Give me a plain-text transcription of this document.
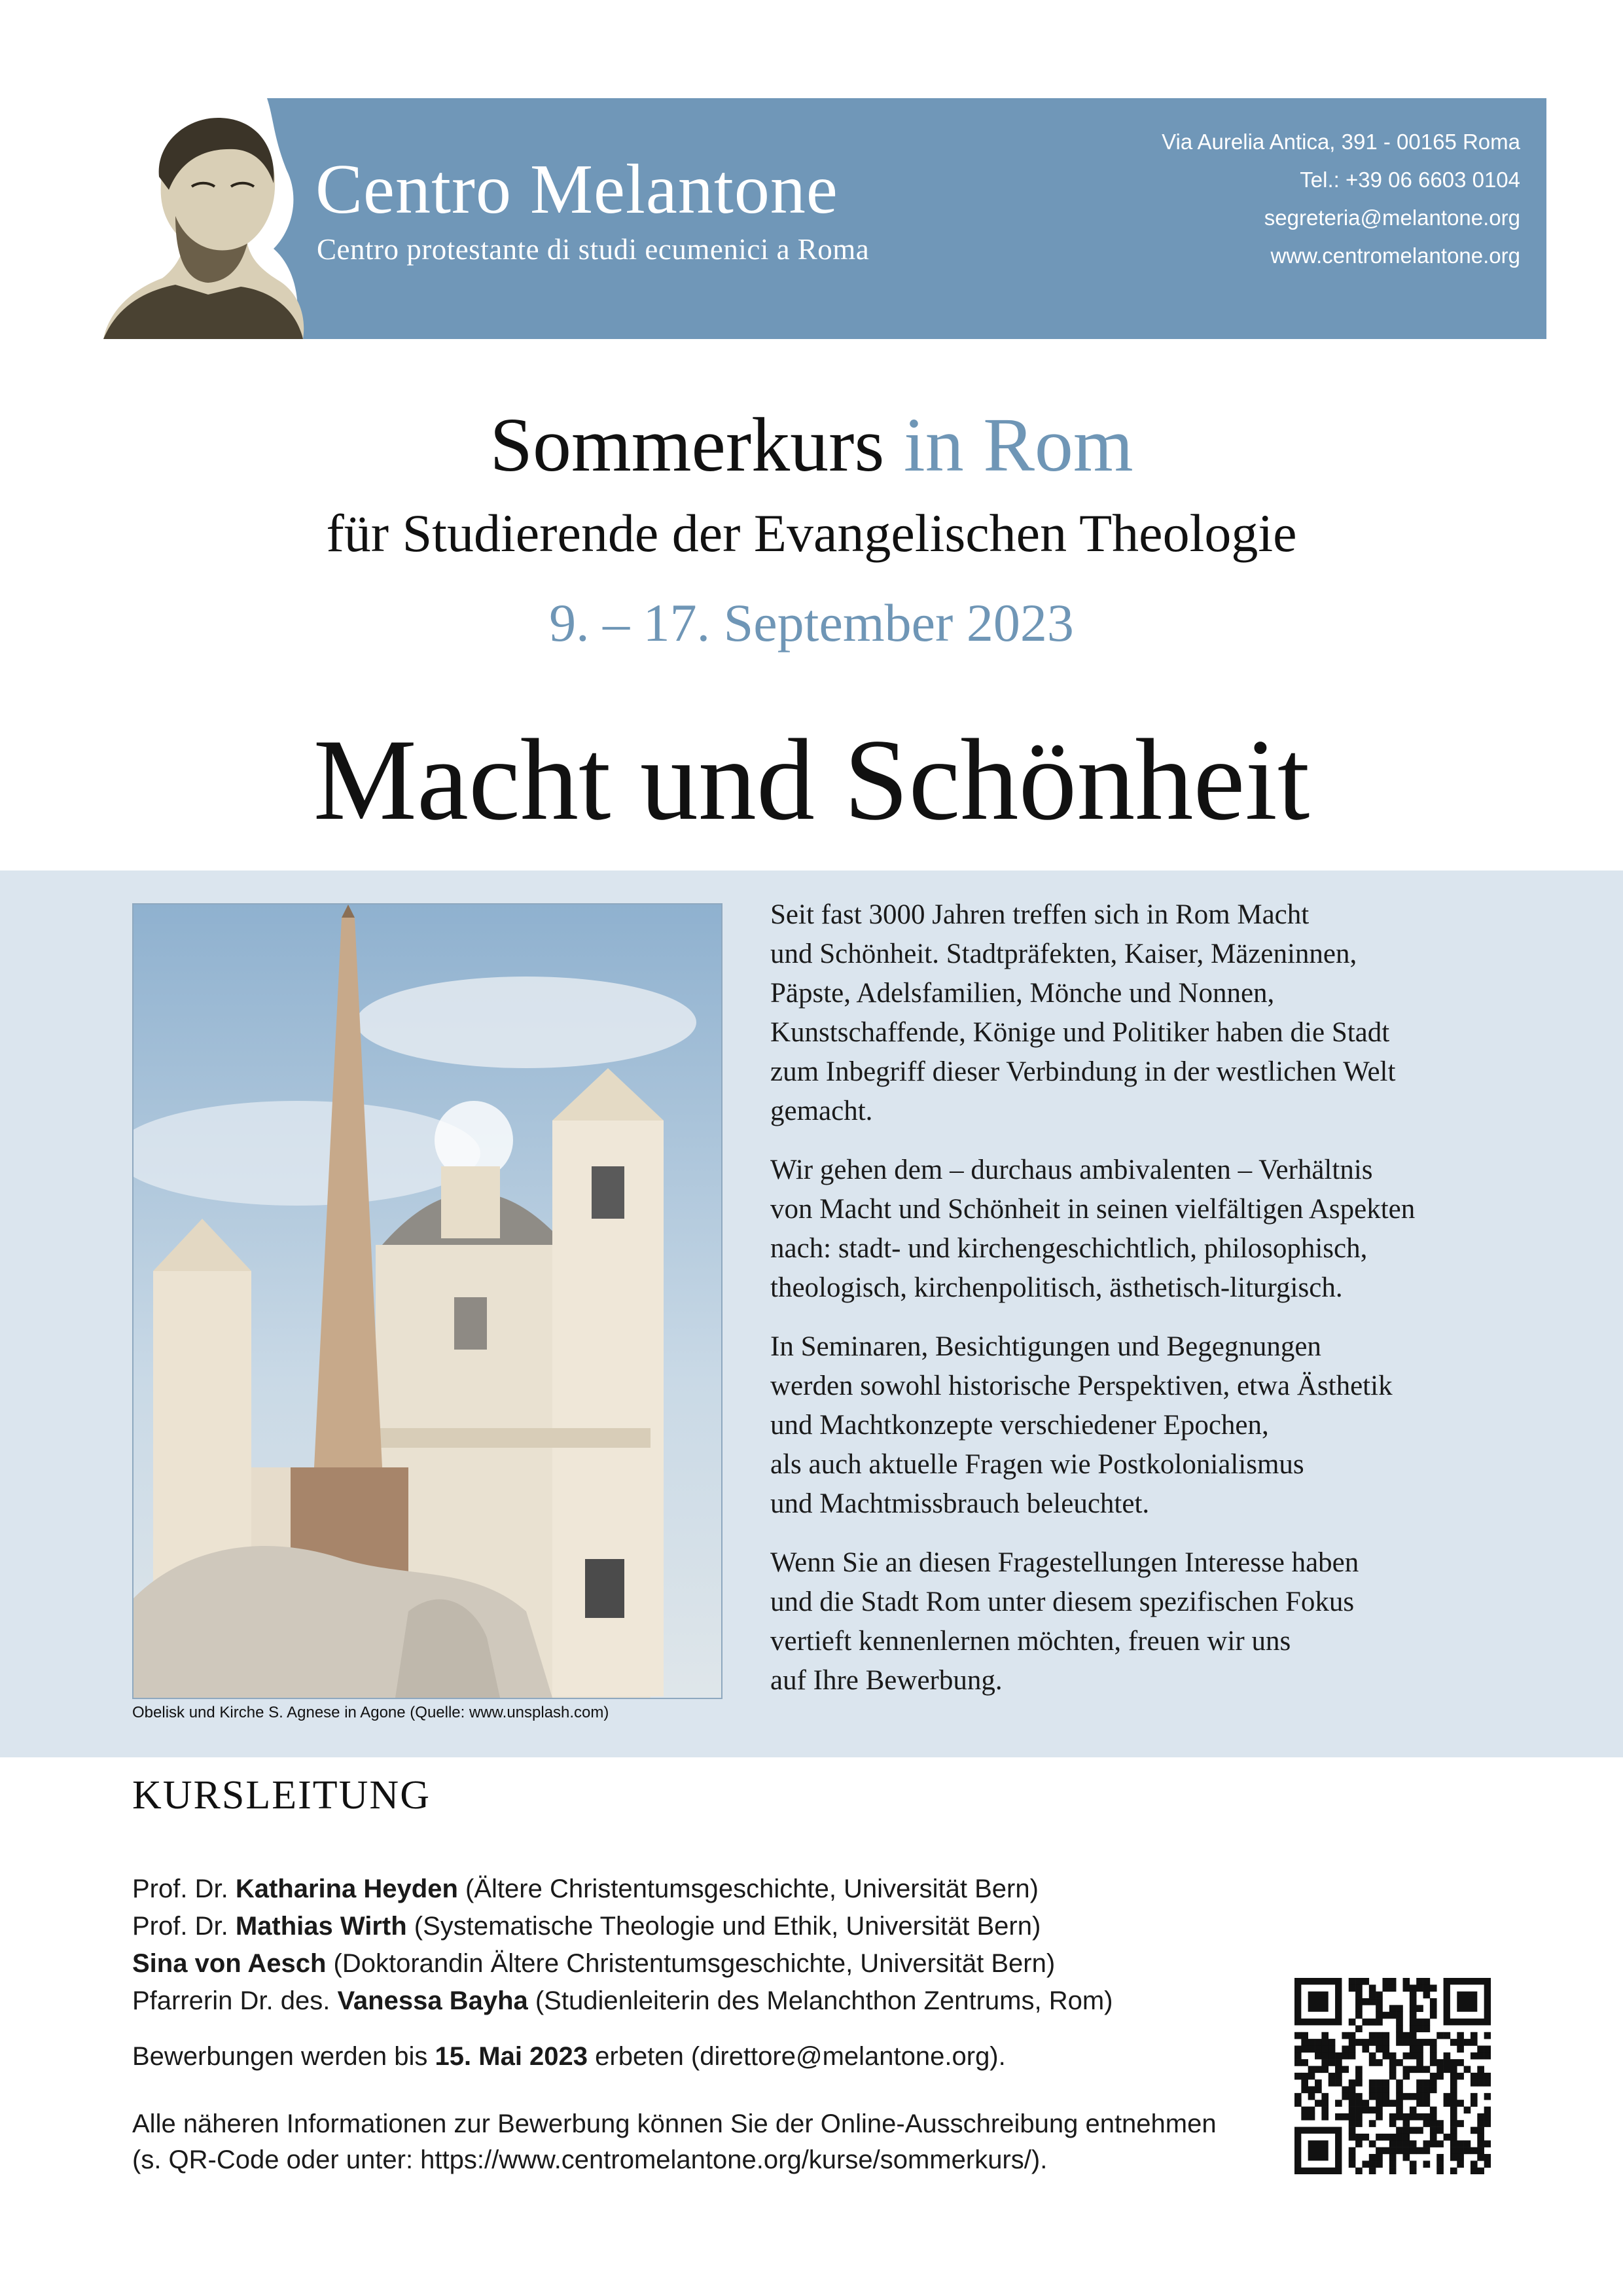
Centro Melantone
Centro protestante di studi ecumenici a Roma
Via Aurelia Antica, 391 - 00165 Roma
Tel.: +39 06 6603 0104
segreteria@melantone.org
www.centromelantone.org
Sommerkurs in Rom
für Studierende der Evangelischen Theologie
9. – 17. September 2023
Macht und Schönheit
Obelisk und Kirche S. Agnese in Agone (Quelle: www.unsplash.com)

Seit fast 3000 Jahren treffen sich in Rom Macht
und Schönheit. Stadtpräfekten, Kaiser, Mäzeninnen,
Päpste, Adelsfamilien, Mönche und Nonnen,
Kunstschaffende, Könige und Politiker haben die Stadt
zum Inbegriff dieser Verbindung in der westlichen Welt
gemacht.

Wir gehen dem – durchaus ambivalenten – Verhältnis
von Macht und Schönheit in seinen vielfältigen Aspekten
nach: stadt- und kirchengeschichtlich, philosophisch,
theologisch, kirchenpolitisch, ästhetisch-liturgisch.

In Seminaren, Besichtigungen und Begegnungen
werden sowohl historische Perspektiven, etwa Ästhetik
und Machtkonzepte verschiedener Epochen,
als auch aktuelle Fragen wie Postkolonialismus
und Machtmissbrauch beleuchtet.

Wenn Sie an diesen Fragestellungen Interesse haben
und die Stadt Rom unter diesem spezifischen Fokus
vertieft kennenlernen möchten, freuen wir uns
auf Ihre Bewerbung.

KURSLEITUNG
Prof. Dr. Katharina Heyden (Ältere Christentumsgeschichte, Universität Bern)
Prof. Dr. Mathias Wirth (Systematische Theologie und Ethik, Universität Bern)
Sina von Aesch (Doktorandin Ältere Christentumsgeschichte, Universität Bern)
Pfarrerin Dr. des. Vanessa Bayha (Studienleiterin des Melanchthon Zentrums, Rom)
Bewerbungen werden bis 15. Mai 2023 erbeten (direttore@melantone.org).
Alle näheren Informationen zur Bewerbung können Sie der Online-Ausschreibung entnehmen
(s. QR-Code oder unter: https://www.centromelantone.org/kurse/sommerkurs/).
